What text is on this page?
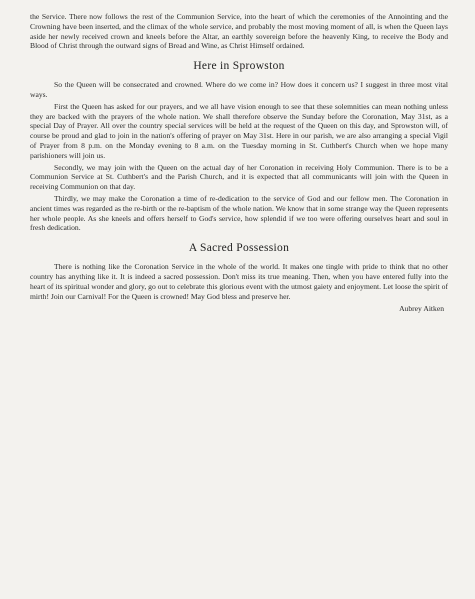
the Service. There now follows the rest of the Communion Service, into the heart of which the ceremonies of the Annointing and the Crowning have been inserted, and the climax of the whole service, and probably the most moving moment of all, is when the Queen lays aside her newly received crown and kneels before the Altar, an earthly sovereign before the heavenly King, to receive the Body and Blood of Christ through the outward signs of Bread and Wine, as Christ Himself ordained.

Here in Sprowston

So the Queen will be consecrated and crowned. Where do we come in? How does it concern us? I suggest in three most vital ways.

First the Queen has asked for our prayers, and we all have vision enough to see that these solemnities can mean nothing unless they are backed with the prayers of the whole nation. We shall therefore observe the Sunday before the Coronation, May 31st, as a special Day of Prayer. All over the country special services will be held at the request of the Queen on this day, and Sprowston will, of course be proud and glad to join in the nation's offering of prayer on May 31st. Here in our parish, we are also arranging a special Vigil of Prayer from 8 p.m. on the Monday evening to 8 a.m. on the Tuesday morning in St. Cuthbert's Church when we hope many parishioners will join us.

Secondly, we may join with the Queen on the actual day of her Coronation in receiving Holy Communion. There is to be a Communion Service at St. Cuthbert's and the Parish Church, and it is expected that all communicants will join with the Queen in receiving Communion on that day.

Thirdly, we may make the Coronation a time of re-dedication to the service of God and our fellow men. The Coronation in ancient times was regarded as the re-birth or the re-baptism of the whole nation. We know that in some strange way the Queen represents her whole people. As she kneels and offers herself to God's service, how splendid if we too were offering ourselves heart and soul in fresh dedication.

A Sacred Possession

There is nothing like the Coronation Service in the whole of the world. It makes one tingle with pride to think that no other country has anything like it. It is indeed a sacred possession. Don't miss its true meaning. Then, when you have entered fully into the heart of its spiritual wonder and glory, go out to celebrate this glorious event with the utmost gaiety and enjoyment. Let loose the spirit of mirth! Join our Carnival! For the Queen is crowned! May God bless and preserve her.

Aubrey Aitken
